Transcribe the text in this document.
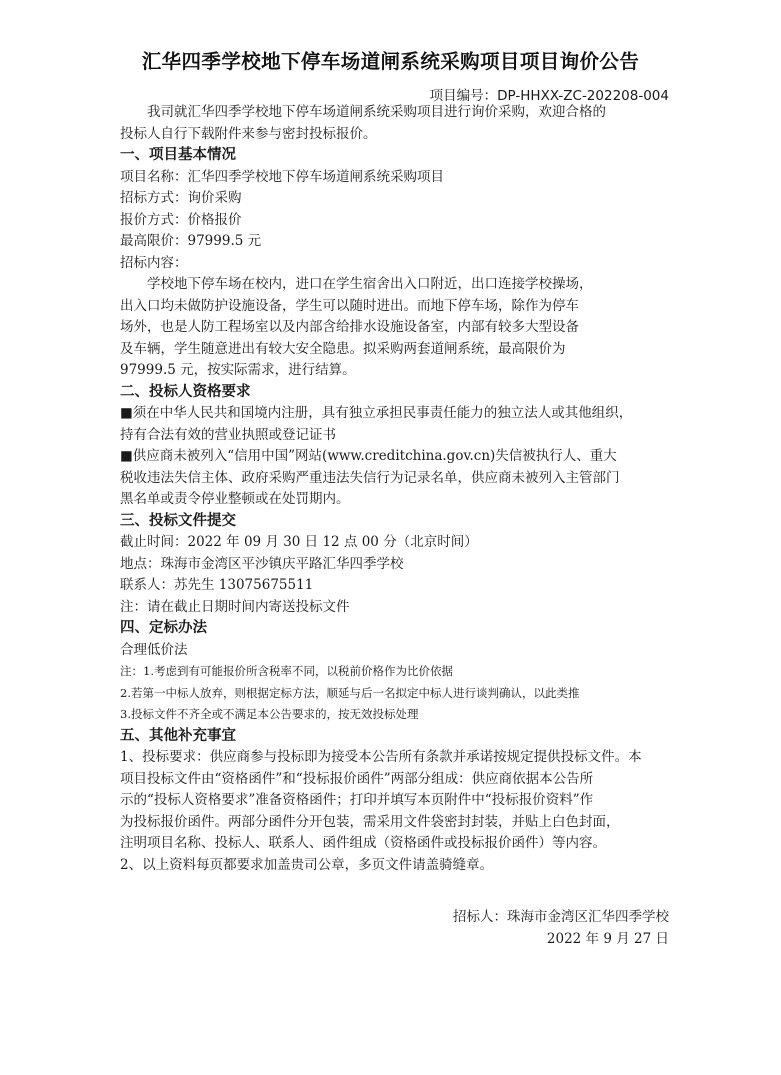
汇华四季学校地下停车场道闸系统采购项目项目询价公告
项目编号：DP-HHXX-ZC-202208-004
我司就汇华四季学校地下停车场道闸系统采购项目进行询价采购，欢迎合格的
投标人自行下载附件来参与密封投标报价。
一、项目基本情况
项目名称：汇华四季学校地下停车场道闸系统采购项目
招标方式：询价采购
报价方式：价格报价
最高限价：97999.5 元
招标内容：
学校地下停车场在校内，进口在学生宿舍出入口附近，出口连接学校操场，
出入口均未做防护设施设备，学生可以随时进出。而地下停车场，除作为停车
场外，也是人防工程场室以及内部含给排水设施设备室，内部有较多大型设备
及车辆，学生随意进出有较大安全隐患。拟采购两套道闸系统，最高限价为
97999.5 元，按实际需求，进行结算。
二、投标人资格要求
■须在中华人民共和国境内注册，具有独立承担民事责任能力的独立法人或其他组织，
持有合法有效的营业执照或登记证书
■供应商未被列入“信用中国”网站(www.creditchina.gov.cn)失信被执行人、重大
税收违法失信主体、政府采购严重违法失信行为记录名单，供应商未被列入主管部门
黑名单或责令停业整顿或在处罚期内。
三、投标文件提交
截止时间：2022 年 09 月 30 日 12 点 00 分（北京时间）
地点：珠海市金湾区平沙镇庆平路汇华四季学校
联系人：苏先生 13075675511
注：请在截止日期时间内寄送投标文件
四、定标办法
合理低价法
注：1.考虑到有可能报价所含税率不同，以税前价格作为比价依据
2.若第一中标人放弃，则根据定标方法，顺延与后一名拟定中标人进行谈判确认，以此类推
3.投标文件不齐全或不满足本公告要求的，按无效投标处理
五、其他补充事宜
1、投标要求：供应商参与投标即为接受本公告所有条款并承诺按规定提供投标文件。本
项目投标文件由“资格函件”和“投标报价函件”两部分组成：供应商依据本公告所
示的“投标人资格要求”准备资格函件；打印并填写本页附件中“投标报价资料”作
为投标报价函件。两部分函件分开包装，需采用文件袋密封封装，并贴上白色封面，
注明项目名称、投标人、联系人、函件组成（资格函件或投标报价函件）等内容。
2、以上资料每页都要求加盖贵司公章，多页文件请盖骑缝章。
招标人：珠海市金湾区汇华四季学校
2022 年 9 月 27 日
